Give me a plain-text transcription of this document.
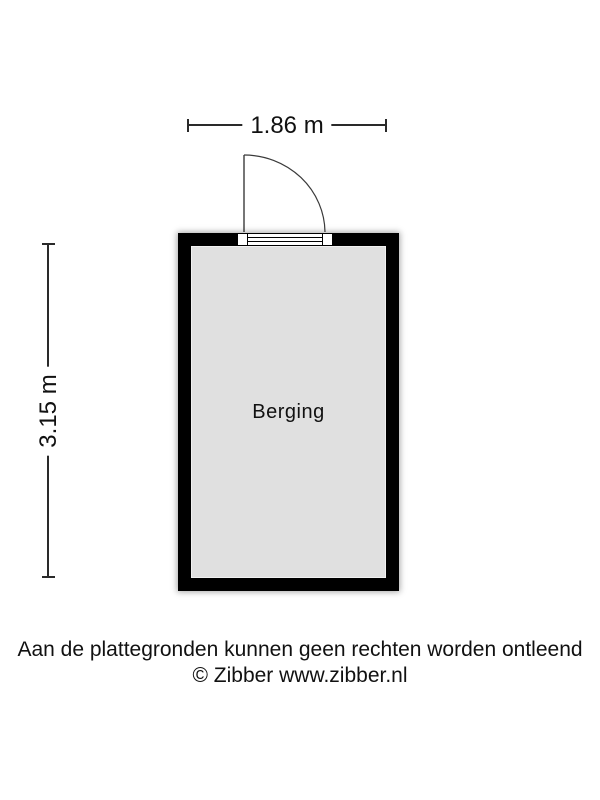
1.86 m
Berging
3.15 m
Aan de plattegronden kunnen geen rechten worden ontleend
© Zibber www.zibber.nl
